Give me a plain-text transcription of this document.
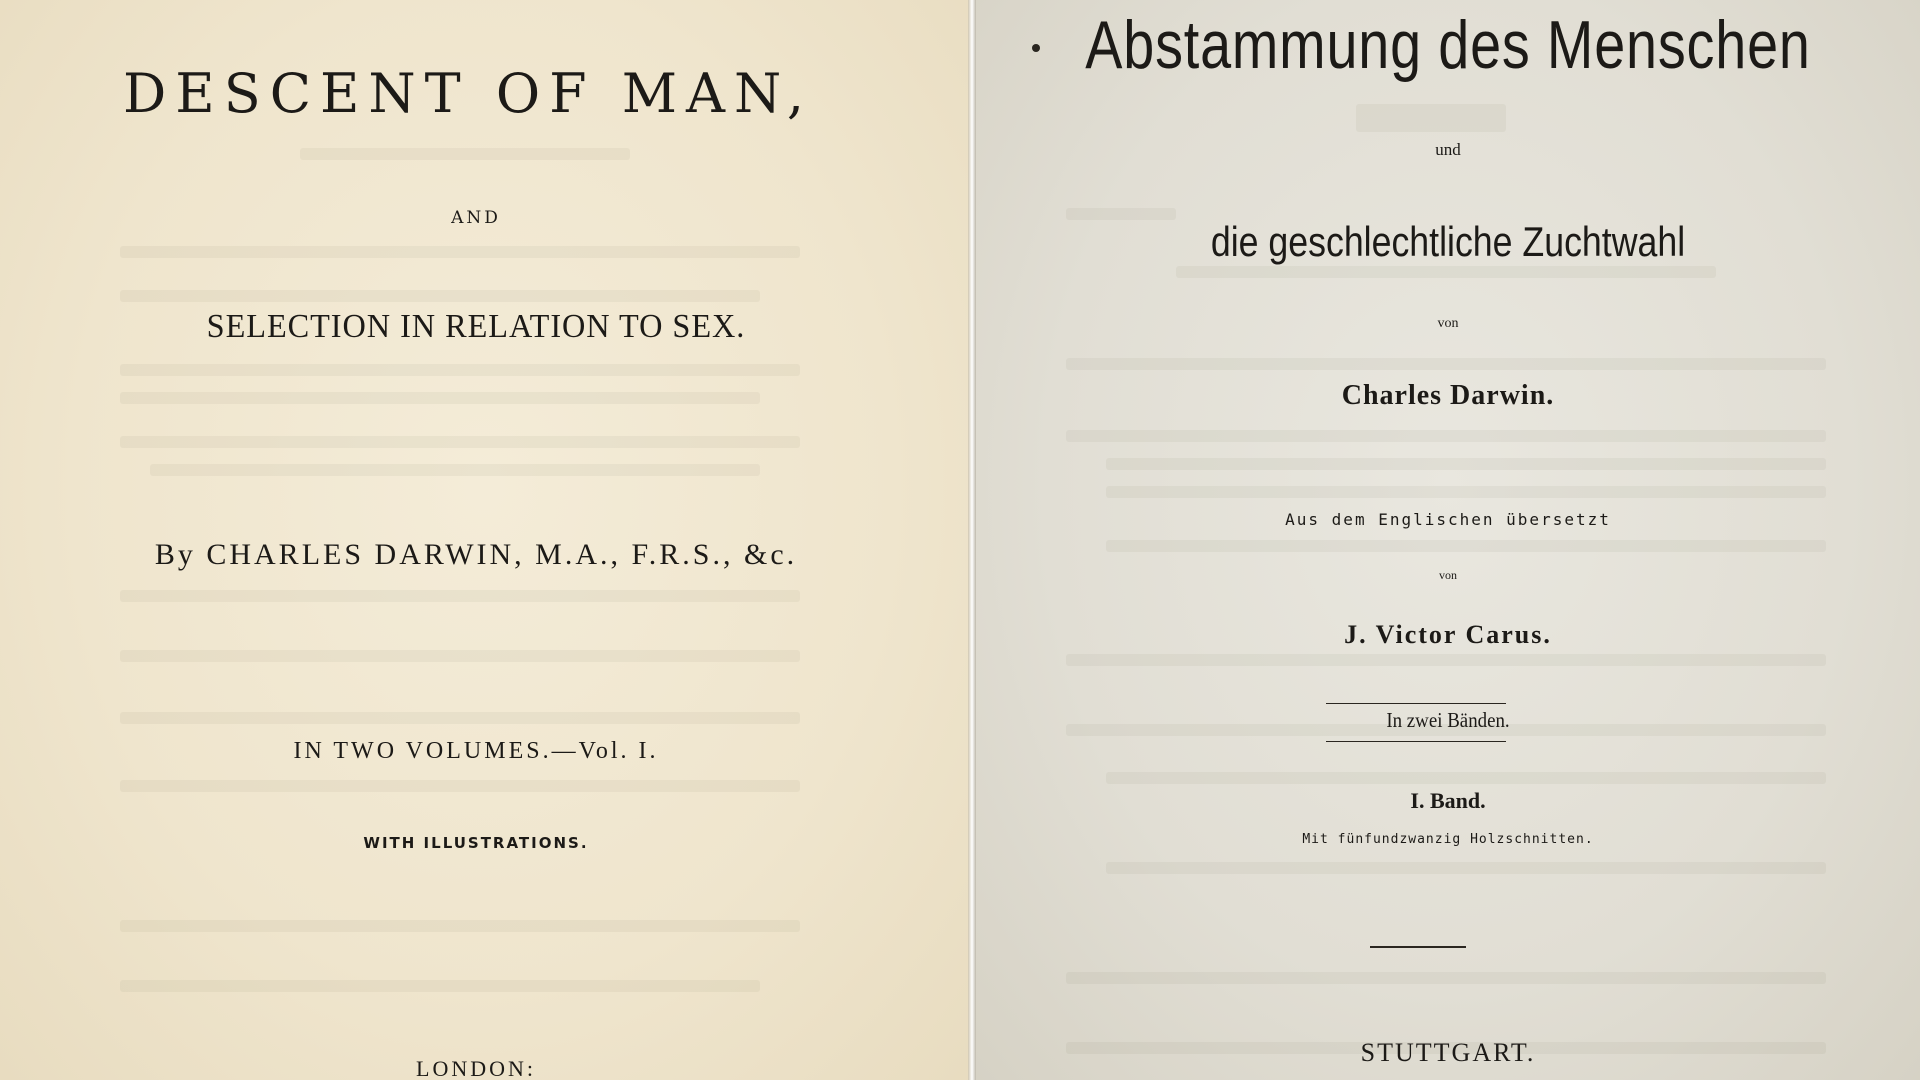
DESCENT OF MAN,
AND
SELECTION IN RELATION TO SEX.
By CHARLES DARWIN, M.A., F.R.S., &c.
IN TWO VOLUMES.—Vol. I.
WITH ILLUSTRATIONS.
LONDON:
Abstammung des Menschen
und
die geschlechtliche Zuchtwahl
von
Charles Darwin.
Aus dem Englischen übersetzt
von
J. Victor Carus.
In zwei Bänden.
I. Band.
Mit fünfundzwanzig Holzschnitten.
STUTTGART.
